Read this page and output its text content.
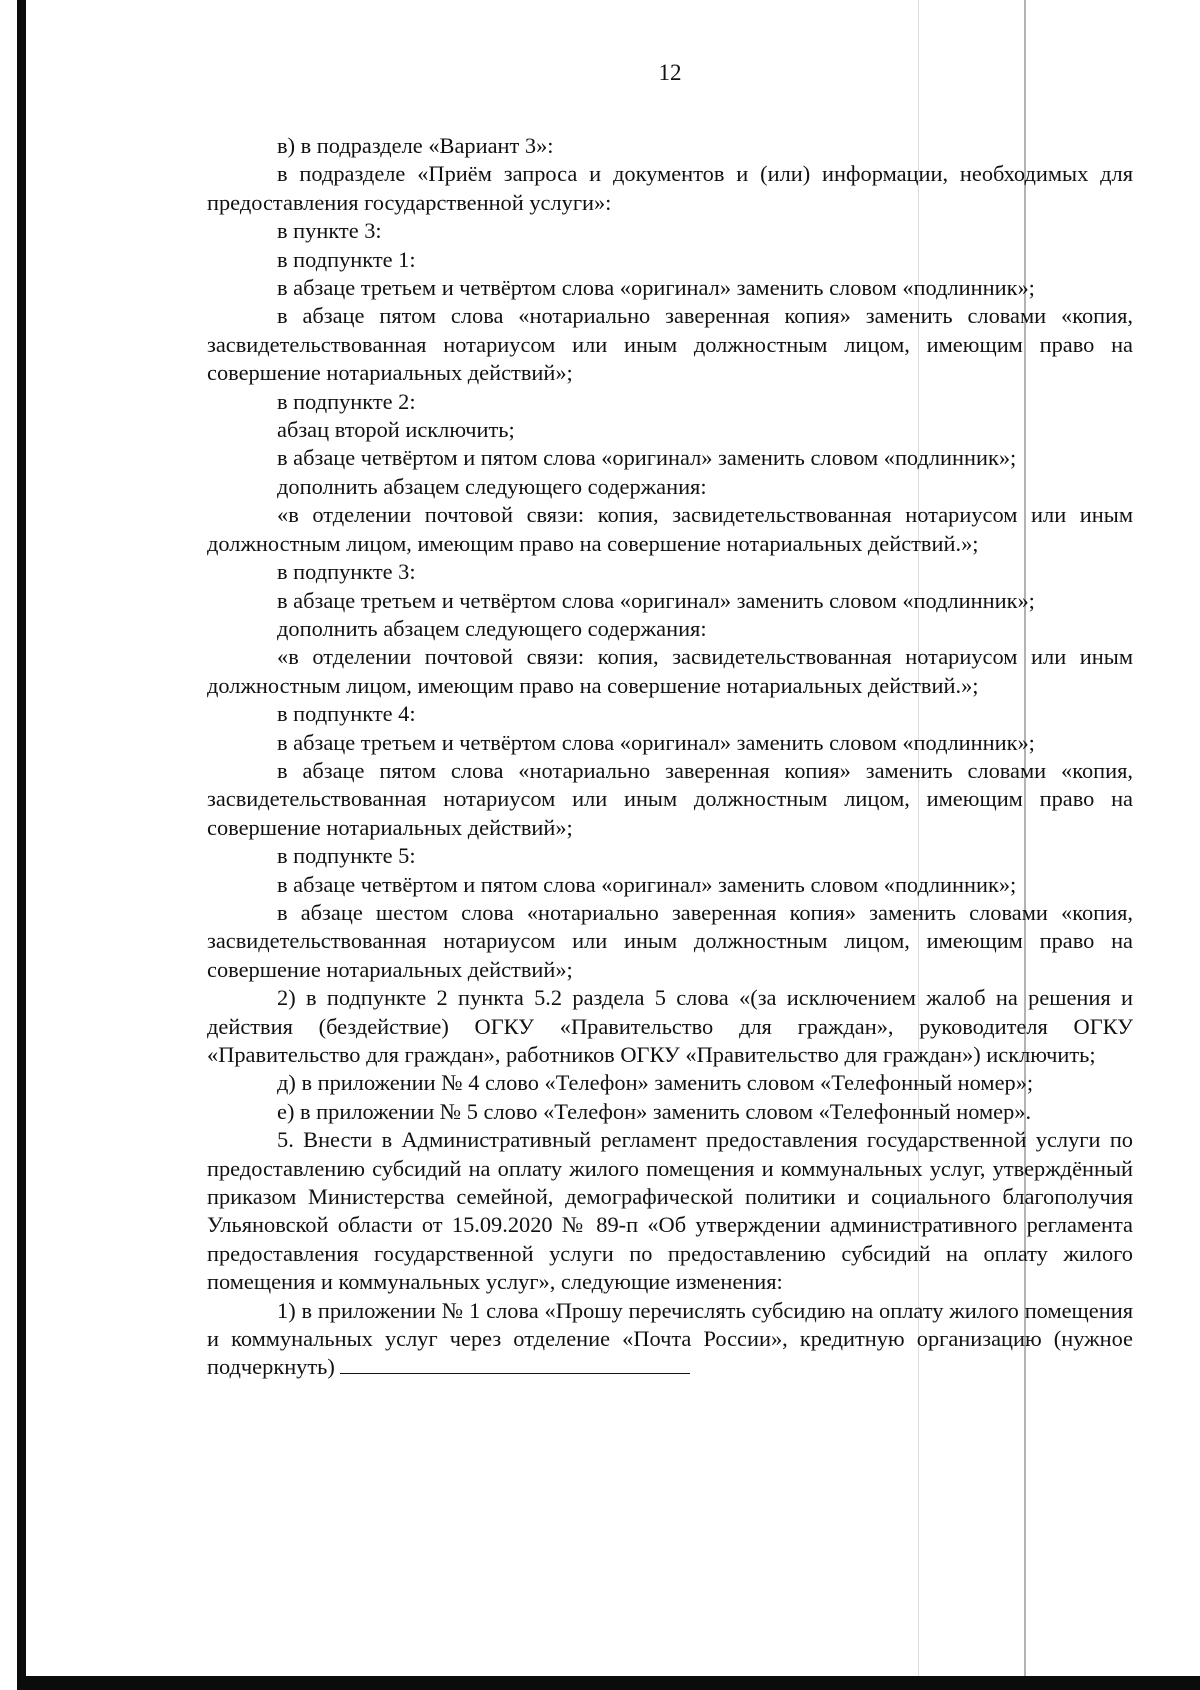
12

в) в подразделе «Вариант 3»:

в подразделе «Приём запроса и документов и (или) информации, необходимых для предоставления государственной услуги»:

в пункте 3:

в подпункте 1:

в абзаце третьем и четвёртом слова «оригинал» заменить словом «подлинник»;

в абзаце пятом слова «нотариально заверенная копия» заменить словами «копия, засвидетельствованная нотариусом или иным должностным лицом, имеющим право на совершение нотариальных действий»;

в подпункте 2:

абзац второй исключить;

в абзаце четвёртом и пятом слова «оригинал» заменить словом «подлинник»;

дополнить абзацем следующего содержания:

«в отделении почтовой связи: копия, засвидетельствованная нотариусом или иным должностным лицом, имеющим право на совершение нотариальных действий.»;

в подпункте 3:

в абзаце третьем и четвёртом слова «оригинал» заменить словом «подлинник»;

дополнить абзацем следующего содержания:

«в отделении почтовой связи: копия, засвидетельствованная нотариусом или иным должностным лицом, имеющим право на совершение нотариальных действий.»;

в подпункте 4:

в абзаце третьем и четвёртом слова «оригинал» заменить словом «подлинник»;

в абзаце пятом слова «нотариально заверенная копия» заменить словами «копия, засвидетельствованная нотариусом или иным должностным лицом, имеющим право на совершение нотариальных действий»;

в подпункте 5:

в абзаце четвёртом и пятом слова «оригинал» заменить словом «подлинник»;

в абзаце шестом слова «нотариально заверенная копия» заменить словами «копия, засвидетельствованная нотариусом или иным должностным лицом, имеющим право на совершение нотариальных действий»;

2) в подпункте 2 пункта 5.2 раздела 5 слова «(за исключением жалоб на решения и действия (бездействие) ОГКУ «Правительство для граждан», руководителя ОГКУ «Правительство для граждан», работников ОГКУ «Правительство для граждан») исключить;

д) в приложении № 4 слово «Телефон» заменить словом «Телефонный номер»;

е) в приложении № 5 слово «Телефон» заменить словом «Телефонный номер».

5. Внести в Административный регламент предоставления государственной услуги по предоставлению субсидий на оплату жилого помещения и коммунальных услуг, утверждённый приказом Министерства семейной, демографической политики и социального благополучия Ульяновской области от 15.09.2020 № 89-п «Об утверждении административного регламента предоставления государственной услуги по предоставлению субсидий на оплату жилого помещения и коммунальных услуг», следующие изменения:

1) в приложении № 1 слова «Прошу перечислять субсидию на оплату жилого помещения и коммунальных услуг через отделение «Почта России», кредитную организацию (нужное подчеркнуть)
